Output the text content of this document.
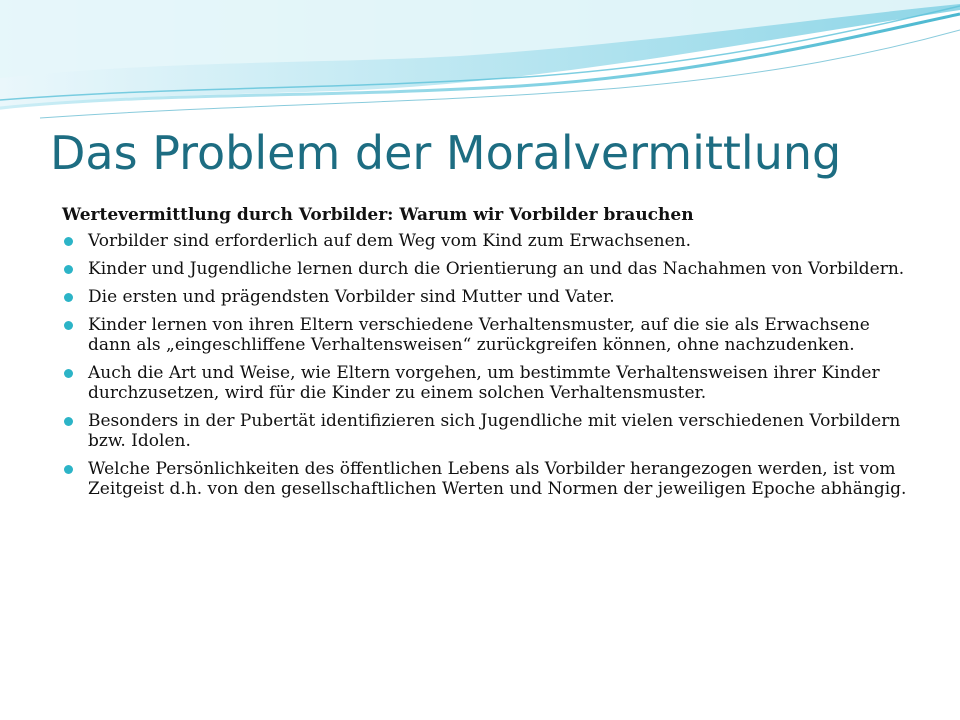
Das Problem der Moralvermittlung
Wertevermittlung durch Vorbilder: Warum wir Vorbilder brauchen
Vorbilder sind erforderlich auf dem Weg vom Kind zum Erwachsenen.
Kinder und Jugendliche lernen durch die Orientierung an und das Nachahmen von Vorbildern.
Die ersten und prägendsten Vorbilder sind Mutter und Vater.
Kinder lernen von ihren Eltern verschiedene Verhaltensmuster, auf die sie als Erwachsene dann als „eingeschliffene Verhaltensweisen“ zurückgreifen können, ohne nachzudenken.
Auch die Art und Weise, wie Eltern vorgehen, um bestimmte Verhaltensweisen ihrer Kinder durchzusetzen, wird für die Kinder zu einem solchen Verhaltensmuster.
Besonders in der Pubertät identifizieren sich Jugendliche mit vielen verschiedenen Vorbildern bzw. Idolen.
Welche Persönlichkeiten des öffentlichen Lebens als Vorbilder herangezogen werden, ist vom Zeitgeist d.h. von den gesellschaftlichen Werten und Normen der jeweiligen Epoche abhängig.
